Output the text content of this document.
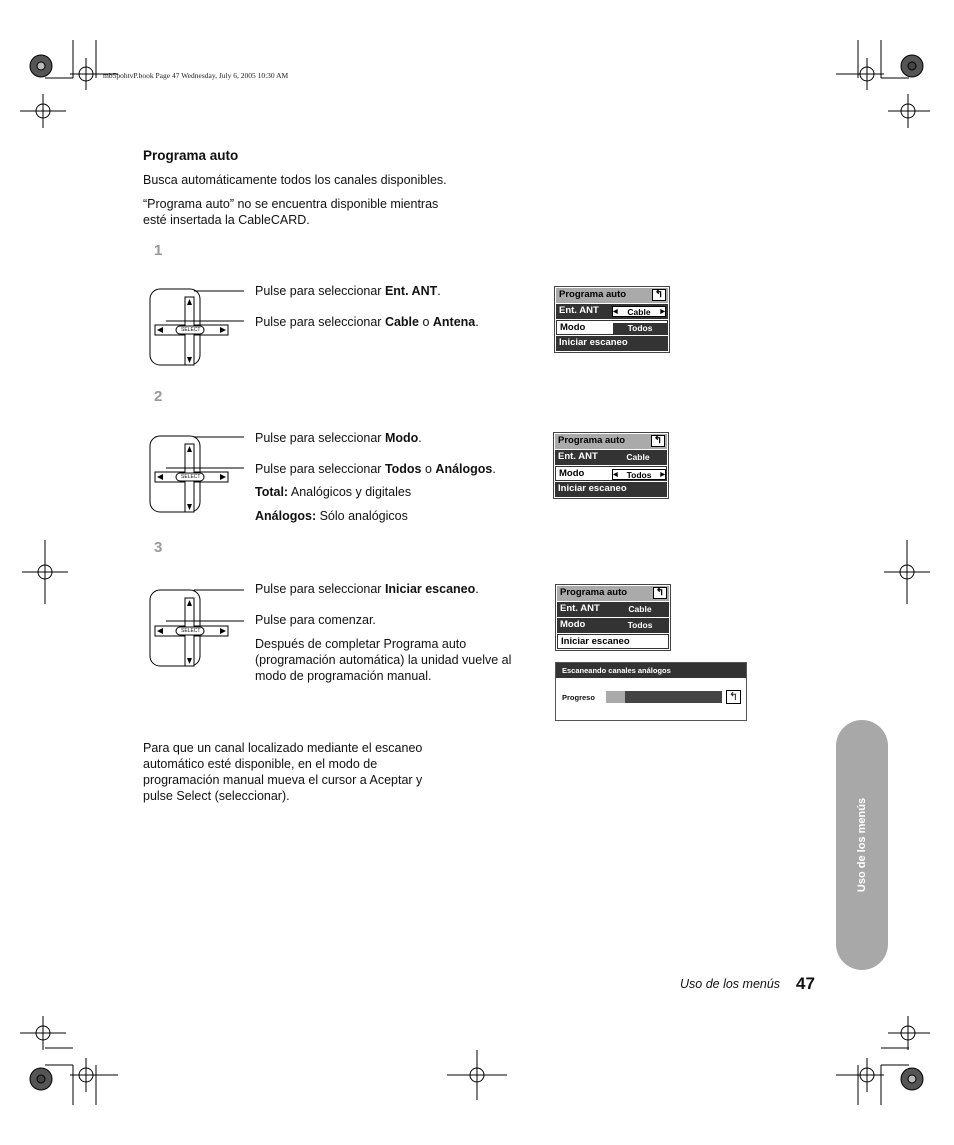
mb5pohtvP.book Page 47 Wednesday, July 6, 2005 10:30 AM
Programa auto
Busca automáticamente todos los canales disponibles.
“Programa auto” no se encuentra disponible mientras
esté insertada la CableCARD.
1
SELECT
Pulse para seleccionar Ent. ANT.
Pulse para seleccionar Cable o Antena.
Programa auto	↰
Ent. ANT ◀ Cable ▶
Modo	Todos
Iniciar escaneo
2
SELECT
Pulse para seleccionar Modo.
Pulse para seleccionar Todos o Análogos.
Total: Analógicos y digitales
Análogos: Sólo analógicos
Programa auto	↰
Ent. ANT	Cable
Modo	◀ Todos ▶
Iniciar escaneo
3
SELECT
Pulse para seleccionar Iniciar escaneo.
Pulse para comenzar.
Después de completar Programa auto
(programación automática) la unidad vuelve al
modo de programación manual.
Programa auto	↰
Ent. ANT	Cable
Modo	Todos
Iniciar escaneo
Escaneando canales análogos
Progreso	↰
Para que un canal localizado mediante el escaneo
automático esté disponible, en el modo de
programación manual mueva el cursor a Aceptar y
pulse Select (seleccionar).
Uso de los menús
Uso de los menús 47
